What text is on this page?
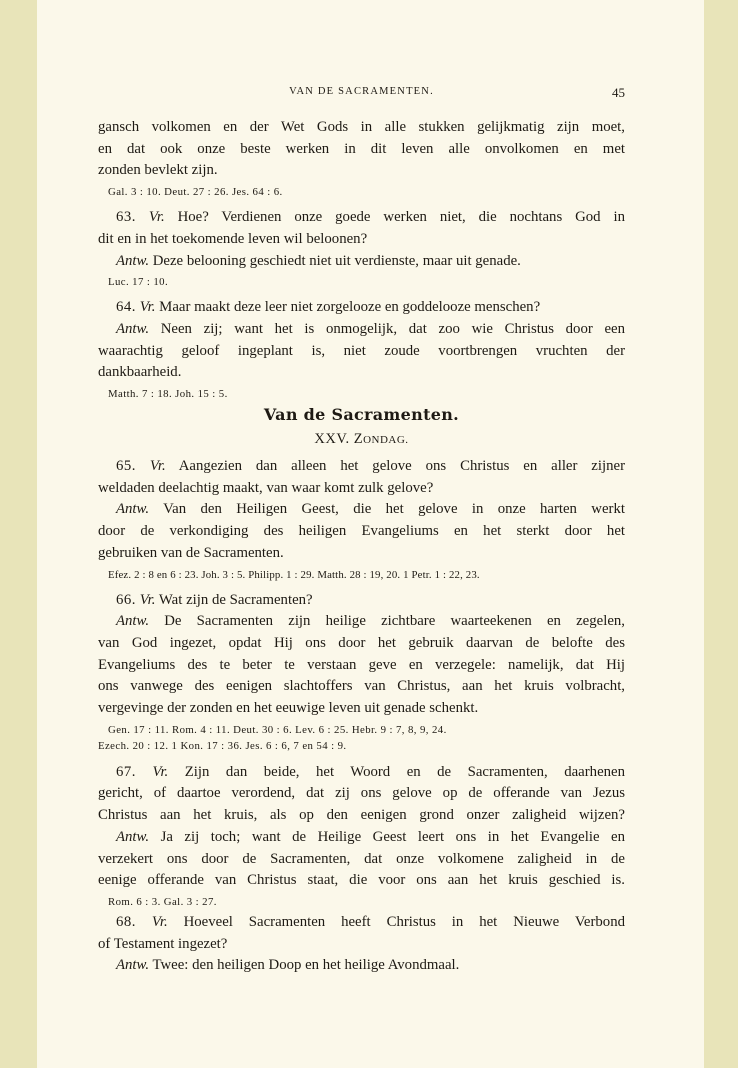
VAN DE SACRAMENTEN.	45

gansch volkomen en der Wet Gods in alle stukken gelijkmatig zijn moet,

en dat ook onze beste werken in dit leven alle onvolkomen en met

zonden bevlekt zijn.

Gal. 3 : 10. Deut. 27 : 26. Jes. 64 : 6.

63. Vr. Hoe? Verdienen onze goede werken niet, die nochtans God in

dit en in het toekomende leven wil beloonen?

Antw. Deze belooning geschiedt niet uit verdienste, maar uit genade.

Luc. 17 : 10.

64. Vr. Maar maakt deze leer niet zorgelooze en goddelooze menschen?

Antw. Neen zij; want het is onmogelijk, dat zoo wie Christus door een

waarachtig geloof ingeplant is, niet zoude voortbrengen vruchten der

dankbaarheid.

Matth. 7 : 18. Joh. 15 : 5.

Van de Sacramenten.

XXV. ZONDAG.

65. Vr. Aangezien dan alleen het gelove ons Christus en aller zijner

weldaden deelachtig maakt, van waar komt zulk gelove?

Antw. Van den Heiligen Geest, die het gelove in onze harten werkt

door de verkondiging des heiligen Evangeliums en het sterkt door het

gebruiken van de Sacramenten.

Efez. 2 : 8 en 6 : 23. Joh. 3 : 5. Philipp. 1 : 29. Matth. 28 : 19, 20. 1 Petr. 1 : 22, 23.

66. Vr. Wat zijn de Sacramenten?

Antw. De Sacramenten zijn heilige zichtbare waarteekenen en zegelen,

van God ingezet, opdat Hij ons door het gebruik daarvan de belofte des

Evangeliums des te beter te verstaan geve en verzegele: namelijk, dat Hij

ons vanwege des eenigen slachtoffers van Christus, aan het kruis volbracht,

vergevinge der zonden en het eeuwige leven uit genade schenkt.

Gen. 17 : 11. Rom. 4 : 11. Deut. 30 : 6. Lev. 6 : 25. Hebr. 9 : 7, 8, 9, 24.

Ezech. 20 : 12. 1 Kon. 17 : 36. Jes. 6 : 6, 7 en 54 : 9.

67. Vr. Zijn dan beide, het Woord en de Sacramenten, daarhenen

gericht, of daartoe verordend, dat zij ons gelove op de offerande van Jezus

Christus aan het kruis, als op den eenigen grond onzer zaligheid wijzen?

Antw. Ja zij toch; want de Heilige Geest leert ons in het Evangelie en

verzekert ons door de Sacramenten, dat onze volkomene zaligheid in de

eenige offerande van Christus staat, die voor ons aan het kruis geschied is.

Rom. 6 : 3. Gal. 3 : 27.

68. Vr. Hoeveel Sacramenten heeft Christus in het Nieuwe Verbond

of Testament ingezet?

Antw. Twee: den heiligen Doop en het heilige Avondmaal.
